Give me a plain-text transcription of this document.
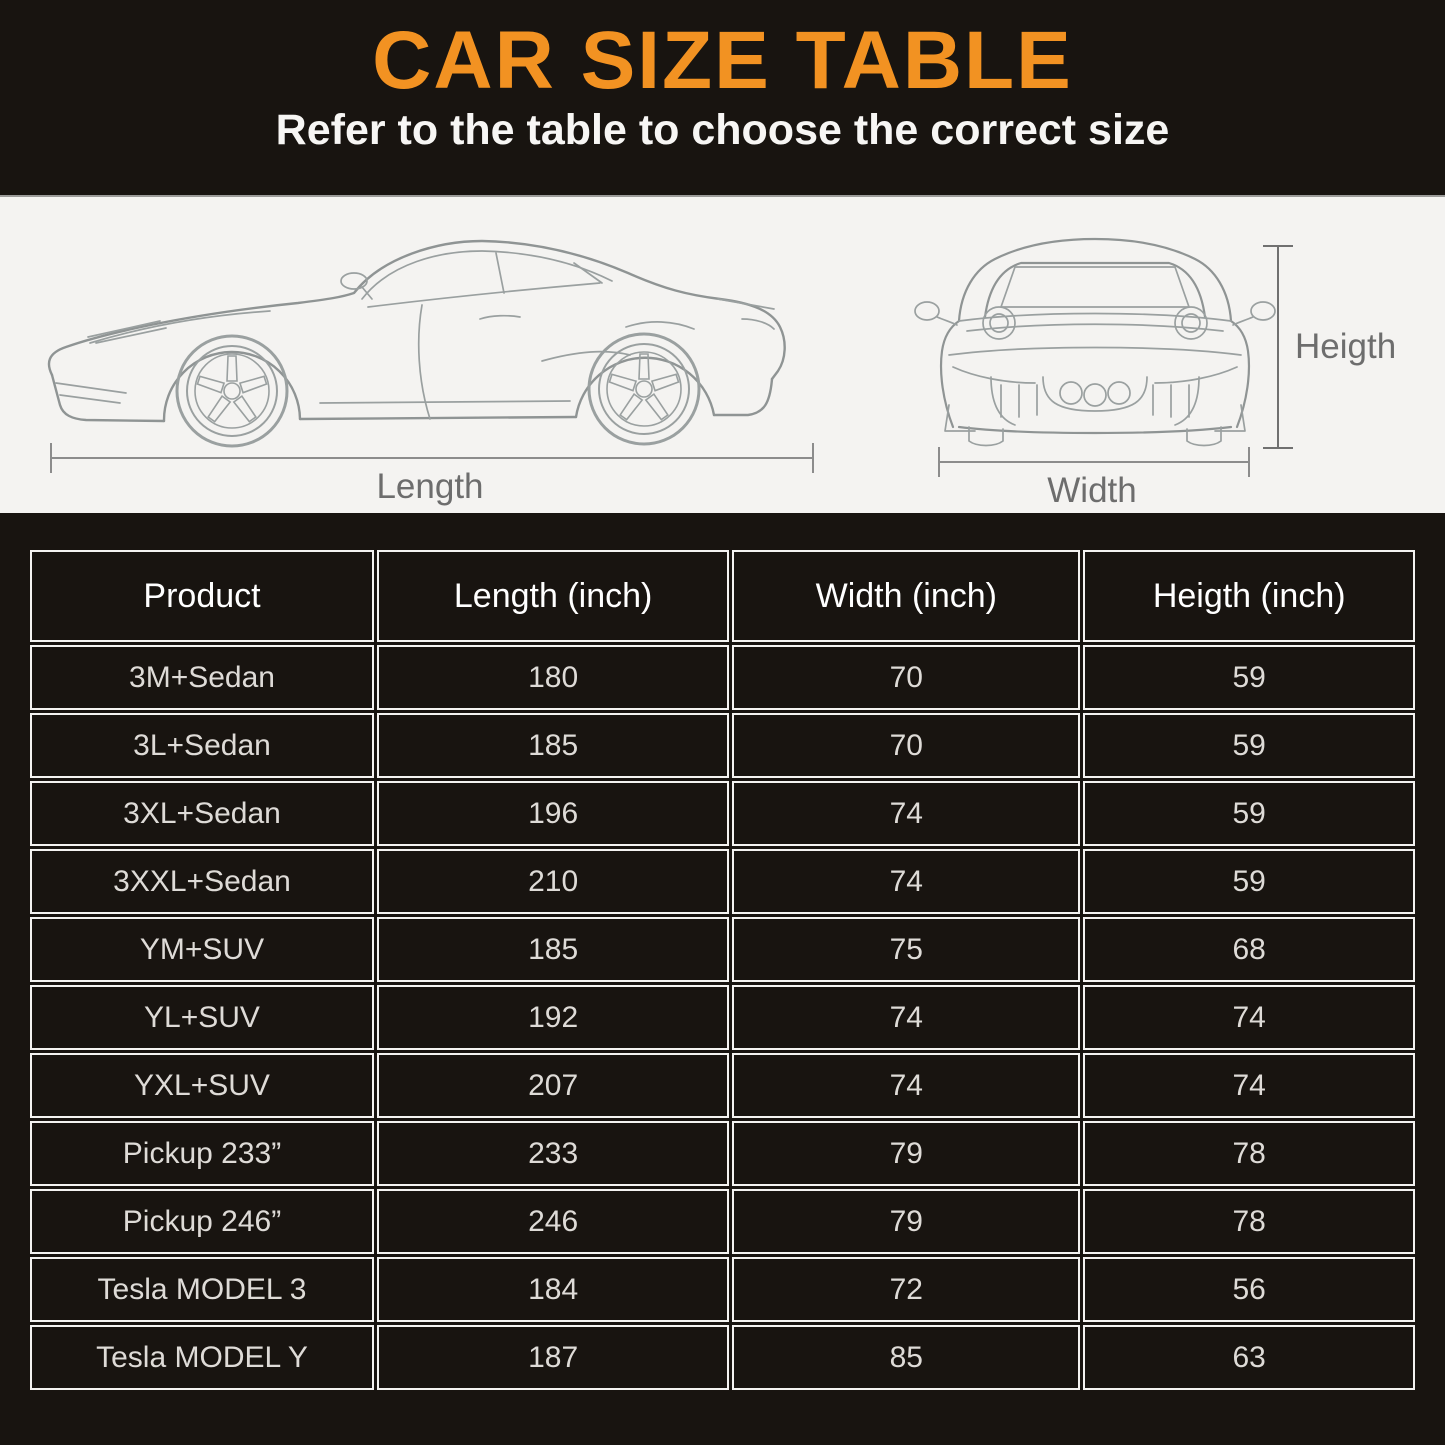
CAR SIZE TABLE

Refer to the table to choose the correct size

Length	Width
Heigth
Product	Length (inch)	Width (inch)	Heigth (inch)
3M+Sedan	180	70	59
3L+Sedan	185	70	59
3XL+Sedan	196	74	59
3XXL+Sedan	210	74	59
YM+SUV	185	75	68
YL+SUV	192	74	74
YXL+SUV	207	74	74
Pickup 233”	233	79	78
Pickup 246”	246	79	78
Tesla MODEL 3	184	72	56
Tesla MODEL Y	187	85	63
